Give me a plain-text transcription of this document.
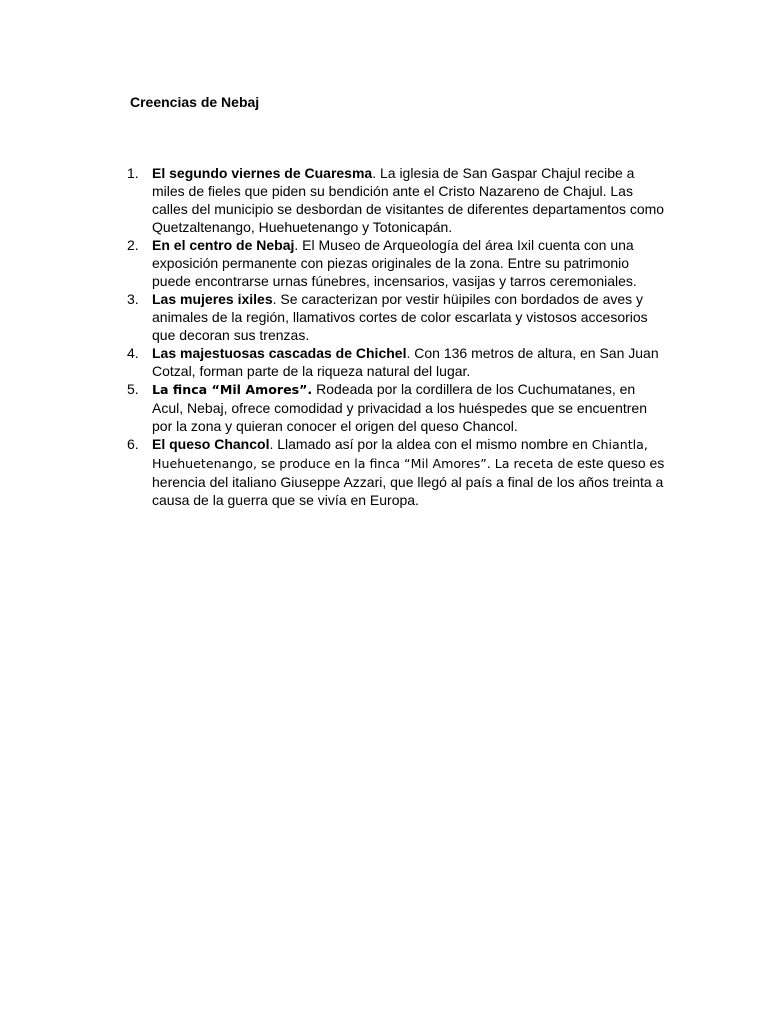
Creencias de Nebaj
1. El segundo viernes de Cuaresma. La iglesia de San Gaspar Chajul recibe a miles de fieles que piden su bendición ante el Cristo Nazareno de Chajul. Las calles del municipio se desbordan de visitantes de diferentes departamentos como Quetzaltenango, Huehuetenango y Totonicapán.
2. En el centro de Nebaj. El Museo de Arqueología del área Ixil cuenta con una exposición permanente con piezas originales de la zona. Entre su patrimonio puede encontrarse urnas fúnebres, incensarios, vasijas y tarros ceremoniales.
3. Las mujeres ixiles. Se caracterizan por vestir hüipiles con bordados de aves y animales de la región, llamativos cortes de color escarlata y vistosos accesorios que decoran sus trenzas.
4. Las majestuosas cascadas de Chichel. Con 136 metros de altura, en San Juan Cotzal, forman parte de la riqueza natural del lugar.
5.	La finca “Mil Amores”. Rodeada por la cordillera de los Cuchumatanes, en Acul, Nebaj, ofrece comodidad y privacidad a los huéspedes que se encuentren por la zona y quieran conocer el origen del queso Chancol.
6. El queso Chancol. Llamado así por la aldea con el mismo nombre en Chiantla, Huehuetenango, se produce en la finca “Mil Amores”. La receta de este queso es herencia del italiano Giuseppe Azzari, que llegó al país a final de los años treinta a causa de la guerra que se vivía en Europa.
